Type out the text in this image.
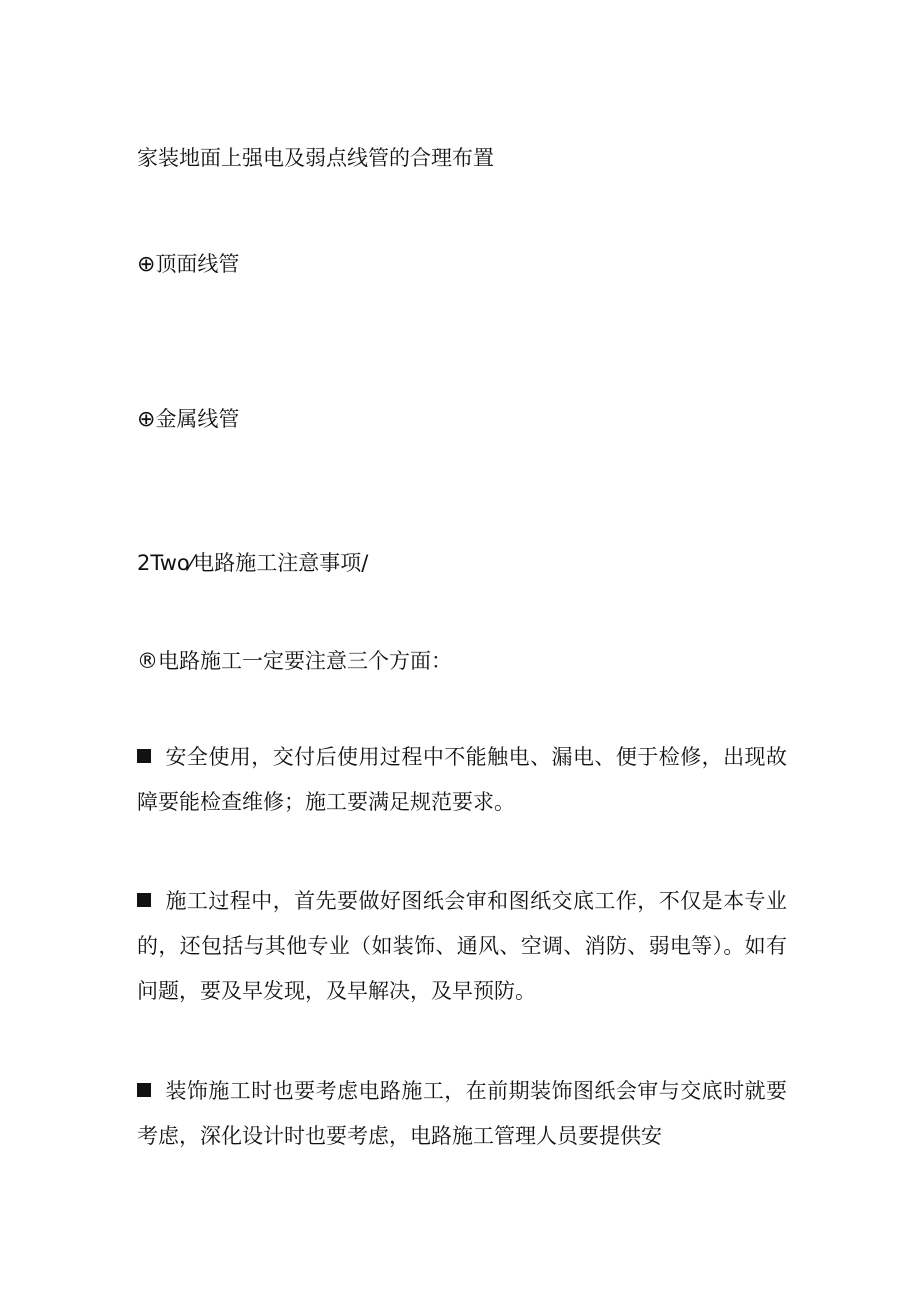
家装地面上强电及弱点线管的合理布置
⊕顶面线管
⊕金属线管
2Two⁄电路施工注意事项/
®电路施工一定要注意三个方面：
安全使用，交付后使用过程中不能触电、漏电、便于检修，出现故障要能检查维修；施工要满足规范要求。
施工过程中，首先要做好图纸会审和图纸交底工作，不仅是本专业的，还包括与其他专业（如装饰、通风、空调、消防、弱电等）。如有问题，要及早发现，及早解决，及早预防。
装饰施工时也要考虑电路施工，在前期装饰图纸会审与交底时就要考虑，深化设计时也要考虑，电路施工管理人员要提供安
